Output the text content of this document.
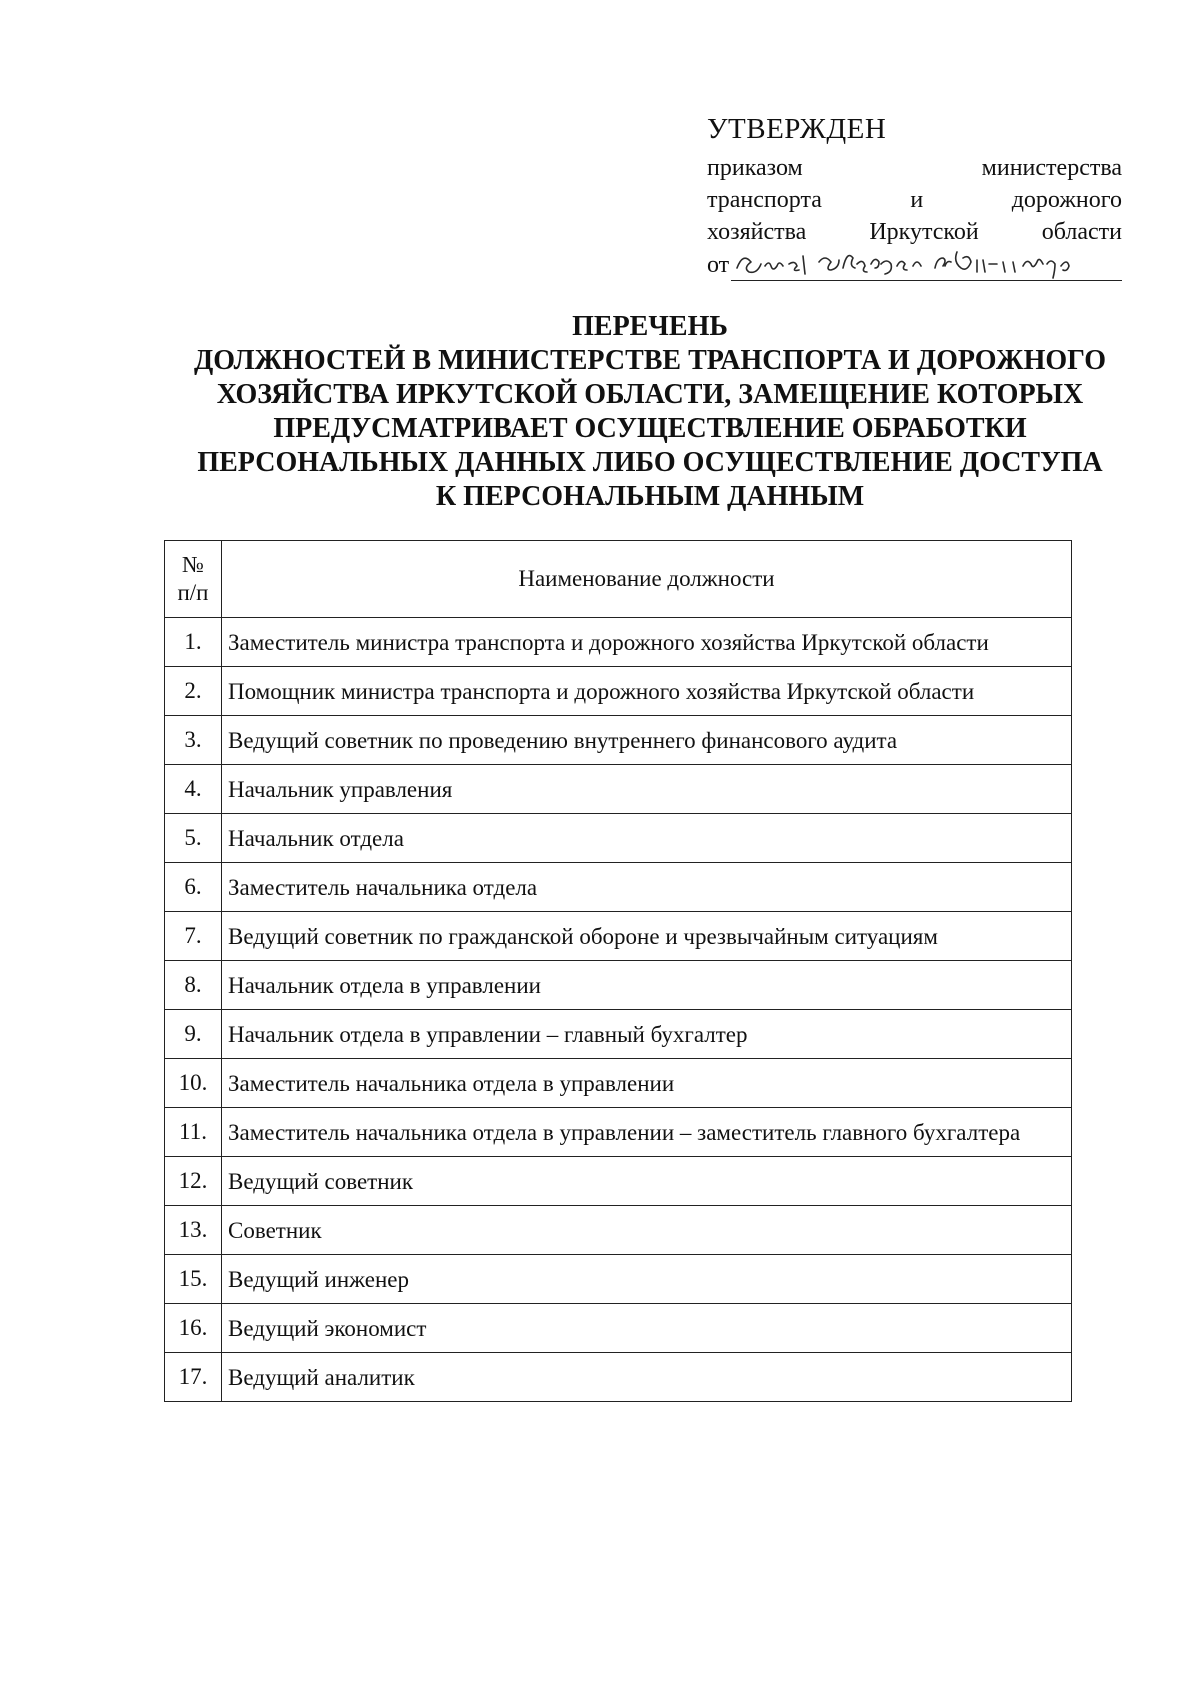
УТВЕРЖДЕН
приказом министерства
транспорта и дорожного
хозяйства Иркутской области
от
ПЕРЕЧЕНЬ
ДОЛЖНОСТЕЙ В МИНИСТЕРСТВЕ ТРАНСПОРТА И ДОРОЖНОГО
ХОЗЯЙСТВА ИРКУТСКОЙ ОБЛАСТИ, ЗАМЕЩЕНИЕ КОТОРЫХ
ПРЕДУСМАТРИВАЕТ ОСУЩЕСТВЛЕНИЕ ОБРАБОТКИ
ПЕРСОНАЛЬНЫХ ДАННЫХ ЛИБО ОСУЩЕСТВЛЕНИЕ ДОСТУПА
К ПЕРСОНАЛЬНЫМ ДАННЫМ
№
п/п	Наименование должности
1.	Заместитель министра транспорта и дорожного хозяйства Иркутской области
2.	Помощник министра транспорта и дорожного хозяйства Иркутской области
3.	Ведущий советник по проведению внутреннего финансового аудита
4.	Начальник управления
5.	Начальник отдела
6.	Заместитель начальника отдела
7.	Ведущий советник по гражданской обороне и чрезвычайным ситуациям
8.	Начальник отдела в управлении
9.	Начальник отдела в управлении – главный бухгалтер
10.	Заместитель начальника отдела в управлении
11.	Заместитель начальника отдела в управлении – заместитель главного бухгалтера
12.	Ведущий советник
13.	Советник
15.	Ведущий инженер
16.	Ведущий экономист
17.	Ведущий аналитик
